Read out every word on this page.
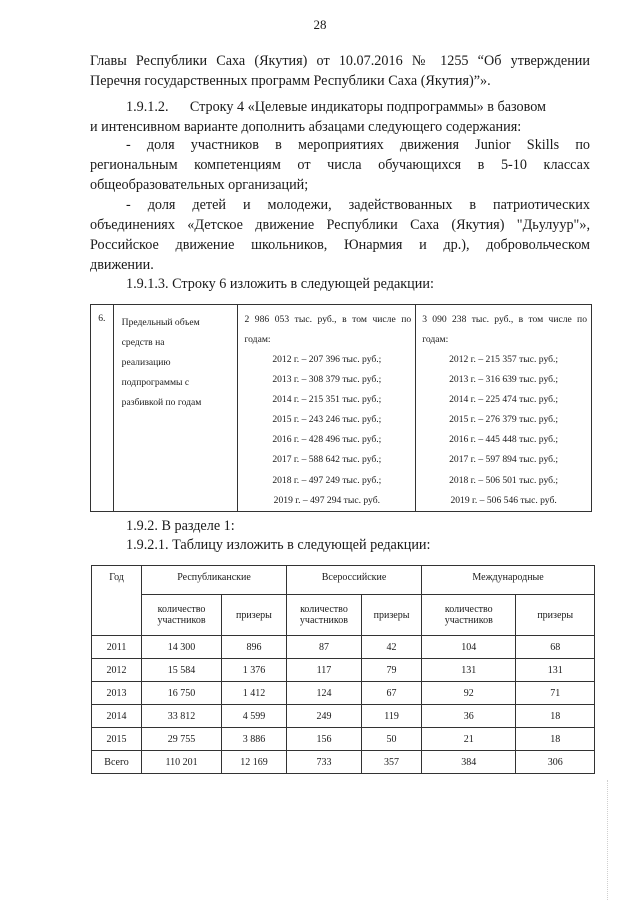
28
Главы Республики Саха (Якутия) от 10.07.2016 № 1255 “Об утверждении
Перечня государственных программ Республики Саха (Якутия)”».
1.9.1.2.      Строку 4 «Целевые индикаторы подпрограммы» в базовом
и интенсивном варианте дополнить абзацами следующего содержания:
- доля участников в мероприятиях движения Junior Skills по
региональным компетенциям от числа обучающихся в 5-10 классах
общеобразовательных организаций;
- доля детей и молодежи, задействованных в патриотических
объединениях «Детское движение Республики Саха (Якутия) "Дьулуур"»,
Российское движение школьников, Юнармия и др.), добровольческом
движении.
1.9.1.3. Строку 6 изложить в следующей редакции:
6.	Предельный объем
средств на
реализацию
подпрограммы с
разбивкой по годам

2 986 053 тыс. руб., в том числе по годам:
2012 г. – 207 396 тыс. руб.;
2013 г. – 308 379 тыс. руб.;
2014 г. – 215 351 тыс. руб.;
2015 г. – 243 246 тыс. руб.;
2016 г. – 428 496 тыс. руб.;
2017 г. – 588 642 тыс. руб.;
2018 г. – 497 249 тыс. руб.;
2019 г. – 497 294 тыс. руб.

3 090 238 тыс. руб., в том числе по годам:
2012 г. – 215 357 тыс. руб.;
2013 г. – 316 639 тыс. руб.;
2014 г. – 225 474 тыс. руб.;
2015 г. – 276 379 тыс. руб.;
2016 г. – 445 448 тыс. руб.;
2017 г. – 597 894 тыс. руб.;
2018 г. – 506 501 тыс. руб.;
2019 г. – 506 546 тыс. руб.
1.9.2. В разделе 1:
1.9.2.1. Таблицу изложить в следующей редакции:
Год	Республиканские		Всероссийские		Международные	
	количество участников	призеры	количество участников	призеры	количество участников	призеры
2011	14 300	896	87	42	104	68
2012	15 584	1 376	117	79	131	131
2013	16 750	1 412	124	67	92	71
2014	33 812	4 599	249	119	36	18
2015	29 755	3 886	156	50	21	18
Всего	110 201	12 169	733	357	384	306
